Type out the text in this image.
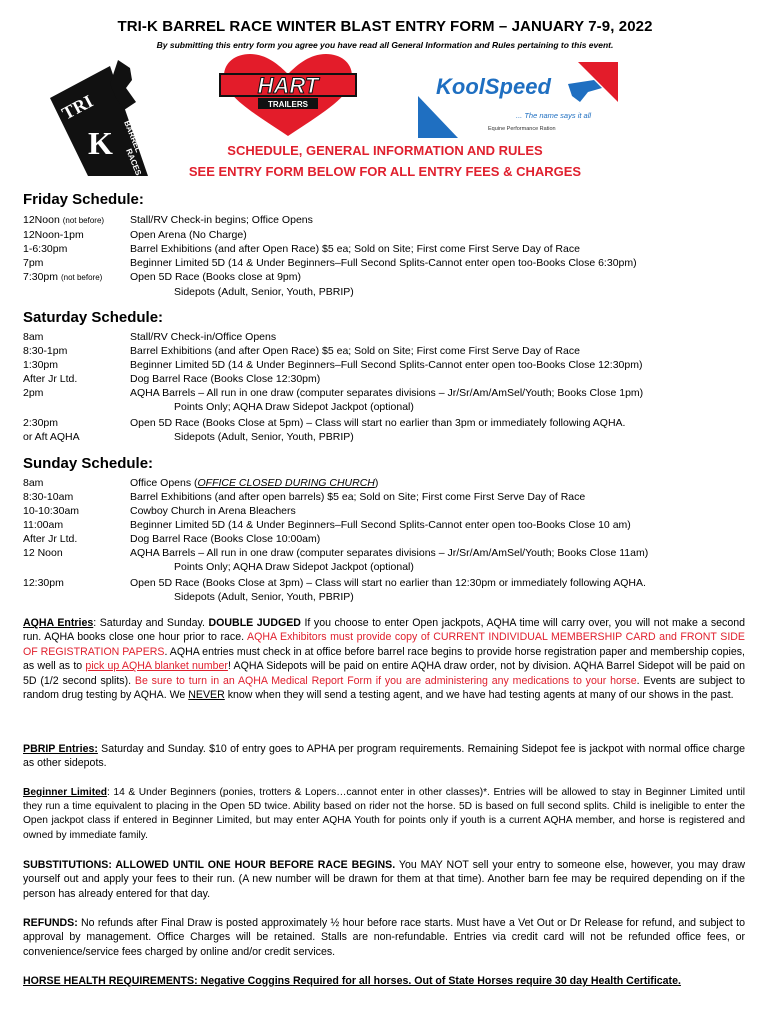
TRI-K BARREL RACE WINTER BLAST ENTRY FORM – JANUARY 7-9, 2022
By submitting this entry form you agree you have read all General Information and Rules pertaining to this event.
TRI
K BARREL
RACES
HART
TRAILERS
KoolSpeed
... The name says it all
Equine Performance Ration
SCHEDULE, GENERAL INFORMATION AND RULES
SEE ENTRY FORM BELOW FOR ALL ENTRY FEES & CHARGES
Friday Schedule:
12Noon (not before)	Stall/RV Check-in begins; Office Opens
12Noon-1pm	Open Arena (No Charge)
1-6:30pm	Barrel Exhibitions (and after Open Race) $5 ea; Sold on Site; First come First Serve Day of Race
7pm	Beginner Limited 5D (14 & Under Beginners–Full Second Splits-Cannot enter open too-Books Close 6:30pm)
7:30pm (not before)	Open 5D Race (Books close at 9pm)
Sidepots (Adult, Senior, Youth, PBRIP)
Saturday Schedule:
8am	Stall/RV Check-in/Office Opens
8:30-1pm	Barrel Exhibitions (and after Open Race) $5 ea; Sold on Site; First come First Serve Day of Race
1:30pm	Beginner Limited 5D (14 & Under Beginners–Full Second Splits-Cannot enter open too-Books Close 12:30pm)
After Jr Ltd.	Dog Barrel Race (Books Close 12:30pm)
2pm	AQHA Barrels – All run in one draw (computer separates divisions – Jr/Sr/Am/AmSel/Youth; Books Close 1pm)
Points Only; AQHA Draw Sidepot Jackpot (optional)
2:30pm	Open 5D Race (Books Close at 5pm) – Class will start no earlier than 3pm or immediately following AQHA.
or Aft AQHA	Sidepots (Adult, Senior, Youth, PBRIP)
Sunday Schedule:
8am	Office Opens (OFFICE CLOSED DURING CHURCH)
8:30-10am	Barrel Exhibitions (and after open barrels) $5 ea; Sold on Site; First come First Serve Day of Race
10-10:30am	Cowboy Church in Arena Bleachers
11:00am	Beginner Limited 5D (14 & Under Beginners–Full Second Splits-Cannot enter open too-Books Close 10 am)
After Jr Ltd.	Dog Barrel Race (Books Close 10:00am)
12 Noon	AQHA Barrels – All run in one draw (computer separates divisions – Jr/Sr/Am/AmSel/Youth; Books Close 11am)
Points Only; AQHA Draw Sidepot Jackpot (optional)
12:30pm	Open 5D Race (Books Close at 3pm) – Class will start no earlier than 12:30pm or immediately following AQHA.
Sidepots (Adult, Senior, Youth, PBRIP)
AQHA Entries: Saturday and Sunday. DOUBLE JUDGED If you choose to enter Open jackpots, AQHA time will carry over, you will not make a second run. AQHA books close one hour prior to race. AQHA Exhibitors must provide copy of CURRENT INDIVIDUAL MEMBERSHIP CARD and FRONT SIDE OF REGISTRATION PAPERS. AQHA entries must check in at office before barrel race begins to provide horse registration paper and membership copies, as well as to pick up AQHA blanket number! AQHA Sidepots will be paid on entire AQHA draw order, not by division. AQHA Barrel Sidepot will be paid on 5D (1/2 second splits). Be sure to turn in an AQHA Medical Report Form if you are administering any medications to your horse. Events are subject to random drug testing by AQHA. We NEVER know when they will send a testing agent, and we have had testing agents at many of our shows in the past.
PBRIP Entries: Saturday and Sunday. $10 of entry goes to APHA per program requirements. Remaining Sidepot fee is jackpot with normal office charge as other sidepots.
Beginner Limited: 14 & Under Beginners (ponies, trotters & Lopers…cannot enter in other classes)*. Entries will be allowed to stay in Beginner Limited until they run a time equivalent to placing in the Open 5D twice. Ability based on rider not the horse. 5D is based on full second splits. Child is ineligible to enter the Open jackpot class if entered in Beginner Limited, but may enter AQHA Youth for points only if youth is a current AQHA member, and horse is registered and owned by immediate family.
SUBSTITUTIONS: ALLOWED UNTIL ONE HOUR BEFORE RACE BEGINS. You MAY NOT sell your entry to someone else, however, you may draw yourself out and apply your fees to their run. (A new number will be drawn for them at that time). Another barn fee may be required depending on if the person has already entered for that day.
REFUNDS: No refunds after Final Draw is posted approximately ½ hour before race starts. Must have a Vet Out or Dr Release for refund, and subject to approval by management. Office Charges will be retained. Stalls are non-refundable. Entries via credit card will not be refunded office fees, or convenience/service fees charged by online and/or credit services.
HORSE HEALTH REQUIREMENTS: Negative Coggins Required for all horses. Out of State Horses require 30 day Health Certificate.
